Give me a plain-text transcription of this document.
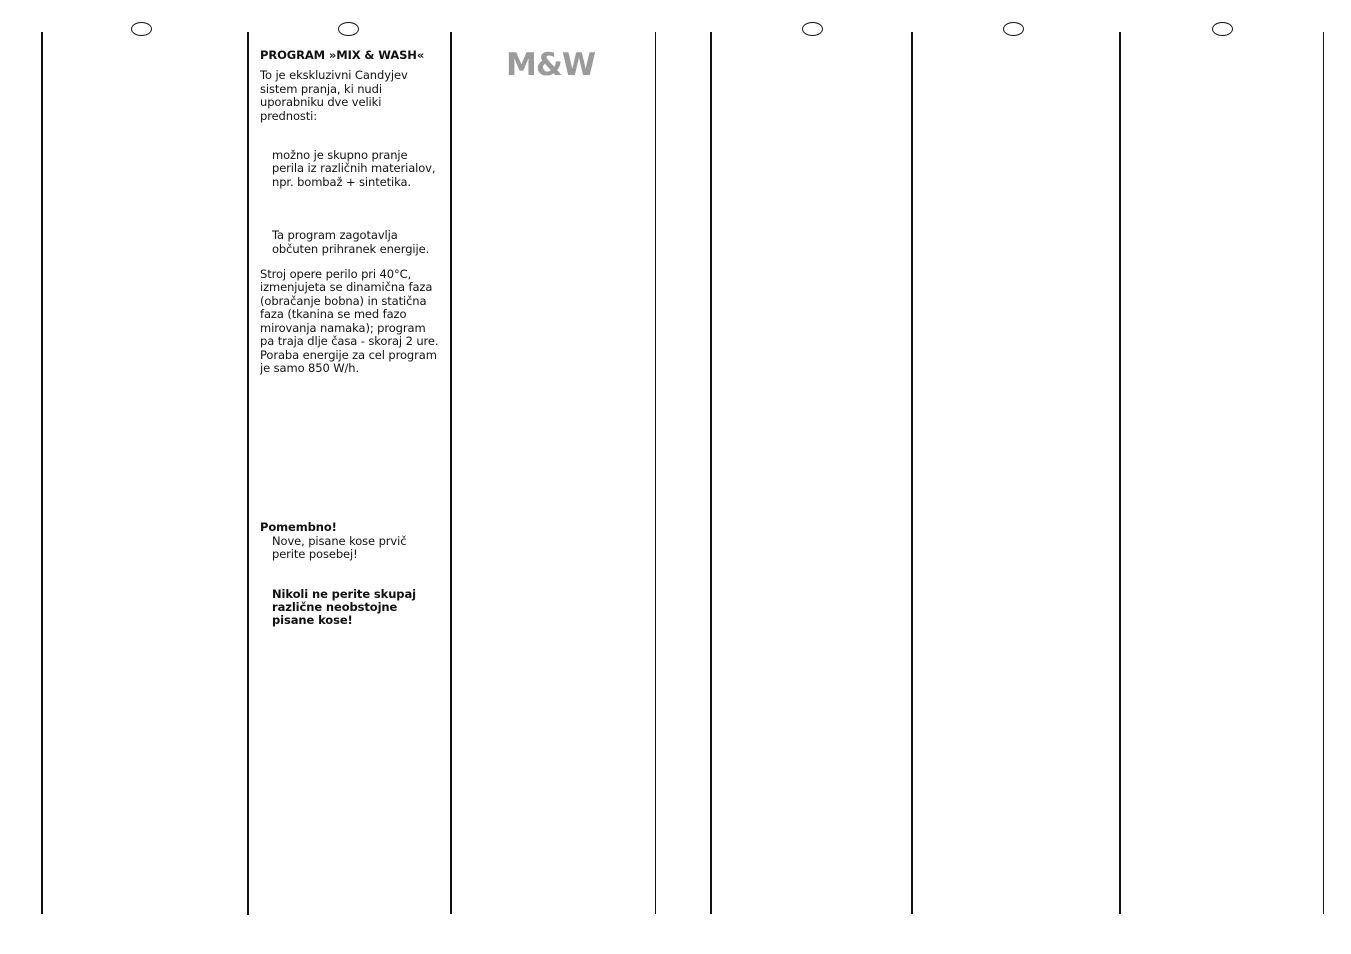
PROGRAM »MIX & WASH«

To je ekskluzivni Candyjev sistem pranja, ki nudi uporabniku dve veliki prednosti:

možno je skupno pranje perila iz različnih materialov, npr. bombaž + sintetika.

Ta program zagotavlja občuten prihranek energije.

Stroj opere perilo pri 40°C, izmenjujeta se dinamična faza (obračanje bobna) in statična faza (tkanina se med fazo mirovanja namaka); program pa traja dlje časa - skoraj 2 ure. Poraba energije za cel program je samo 850 W/h.

Pomembno!

Nove, pisane kose prvič perite posebej!

Nikoli ne perite skupaj različne neobstojne pisane kose!

M&W
